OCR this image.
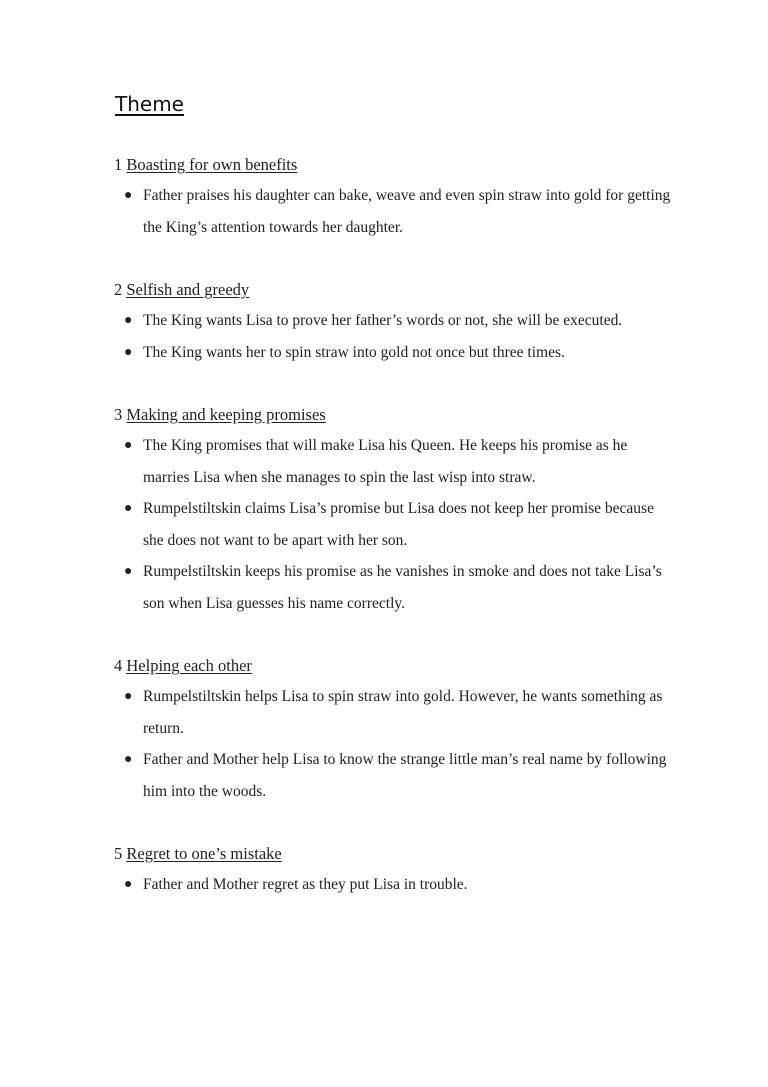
Theme

1 Boasting for own benefits

● Father praises his daughter can bake, weave and even spin straw into gold for getting the King’s attention towards her daughter.

2 Selfish and greedy

● The King wants Lisa to prove her father’s words or not, she will be executed.
● The King wants her to spin straw into gold not once but three times.

3 Making and keeping promises

● The King promises that will make Lisa his Queen. He keeps his promise as he marries Lisa when she manages to spin the last wisp into straw.
● Rumpelstiltskin claims Lisa’s promise but Lisa does not keep her promise because she does not want to be apart with her son.
● Rumpelstiltskin keeps his promise as he vanishes in smoke and does not take Lisa’s son when Lisa guesses his name correctly.

4 Helping each other

● Rumpelstiltskin helps Lisa to spin straw into gold. However, he wants something as return.
● Father and Mother help Lisa to know the strange little man’s real name by following him into the woods.

5 Regret to one’s mistake

● Father and Mother regret as they put Lisa in trouble.
